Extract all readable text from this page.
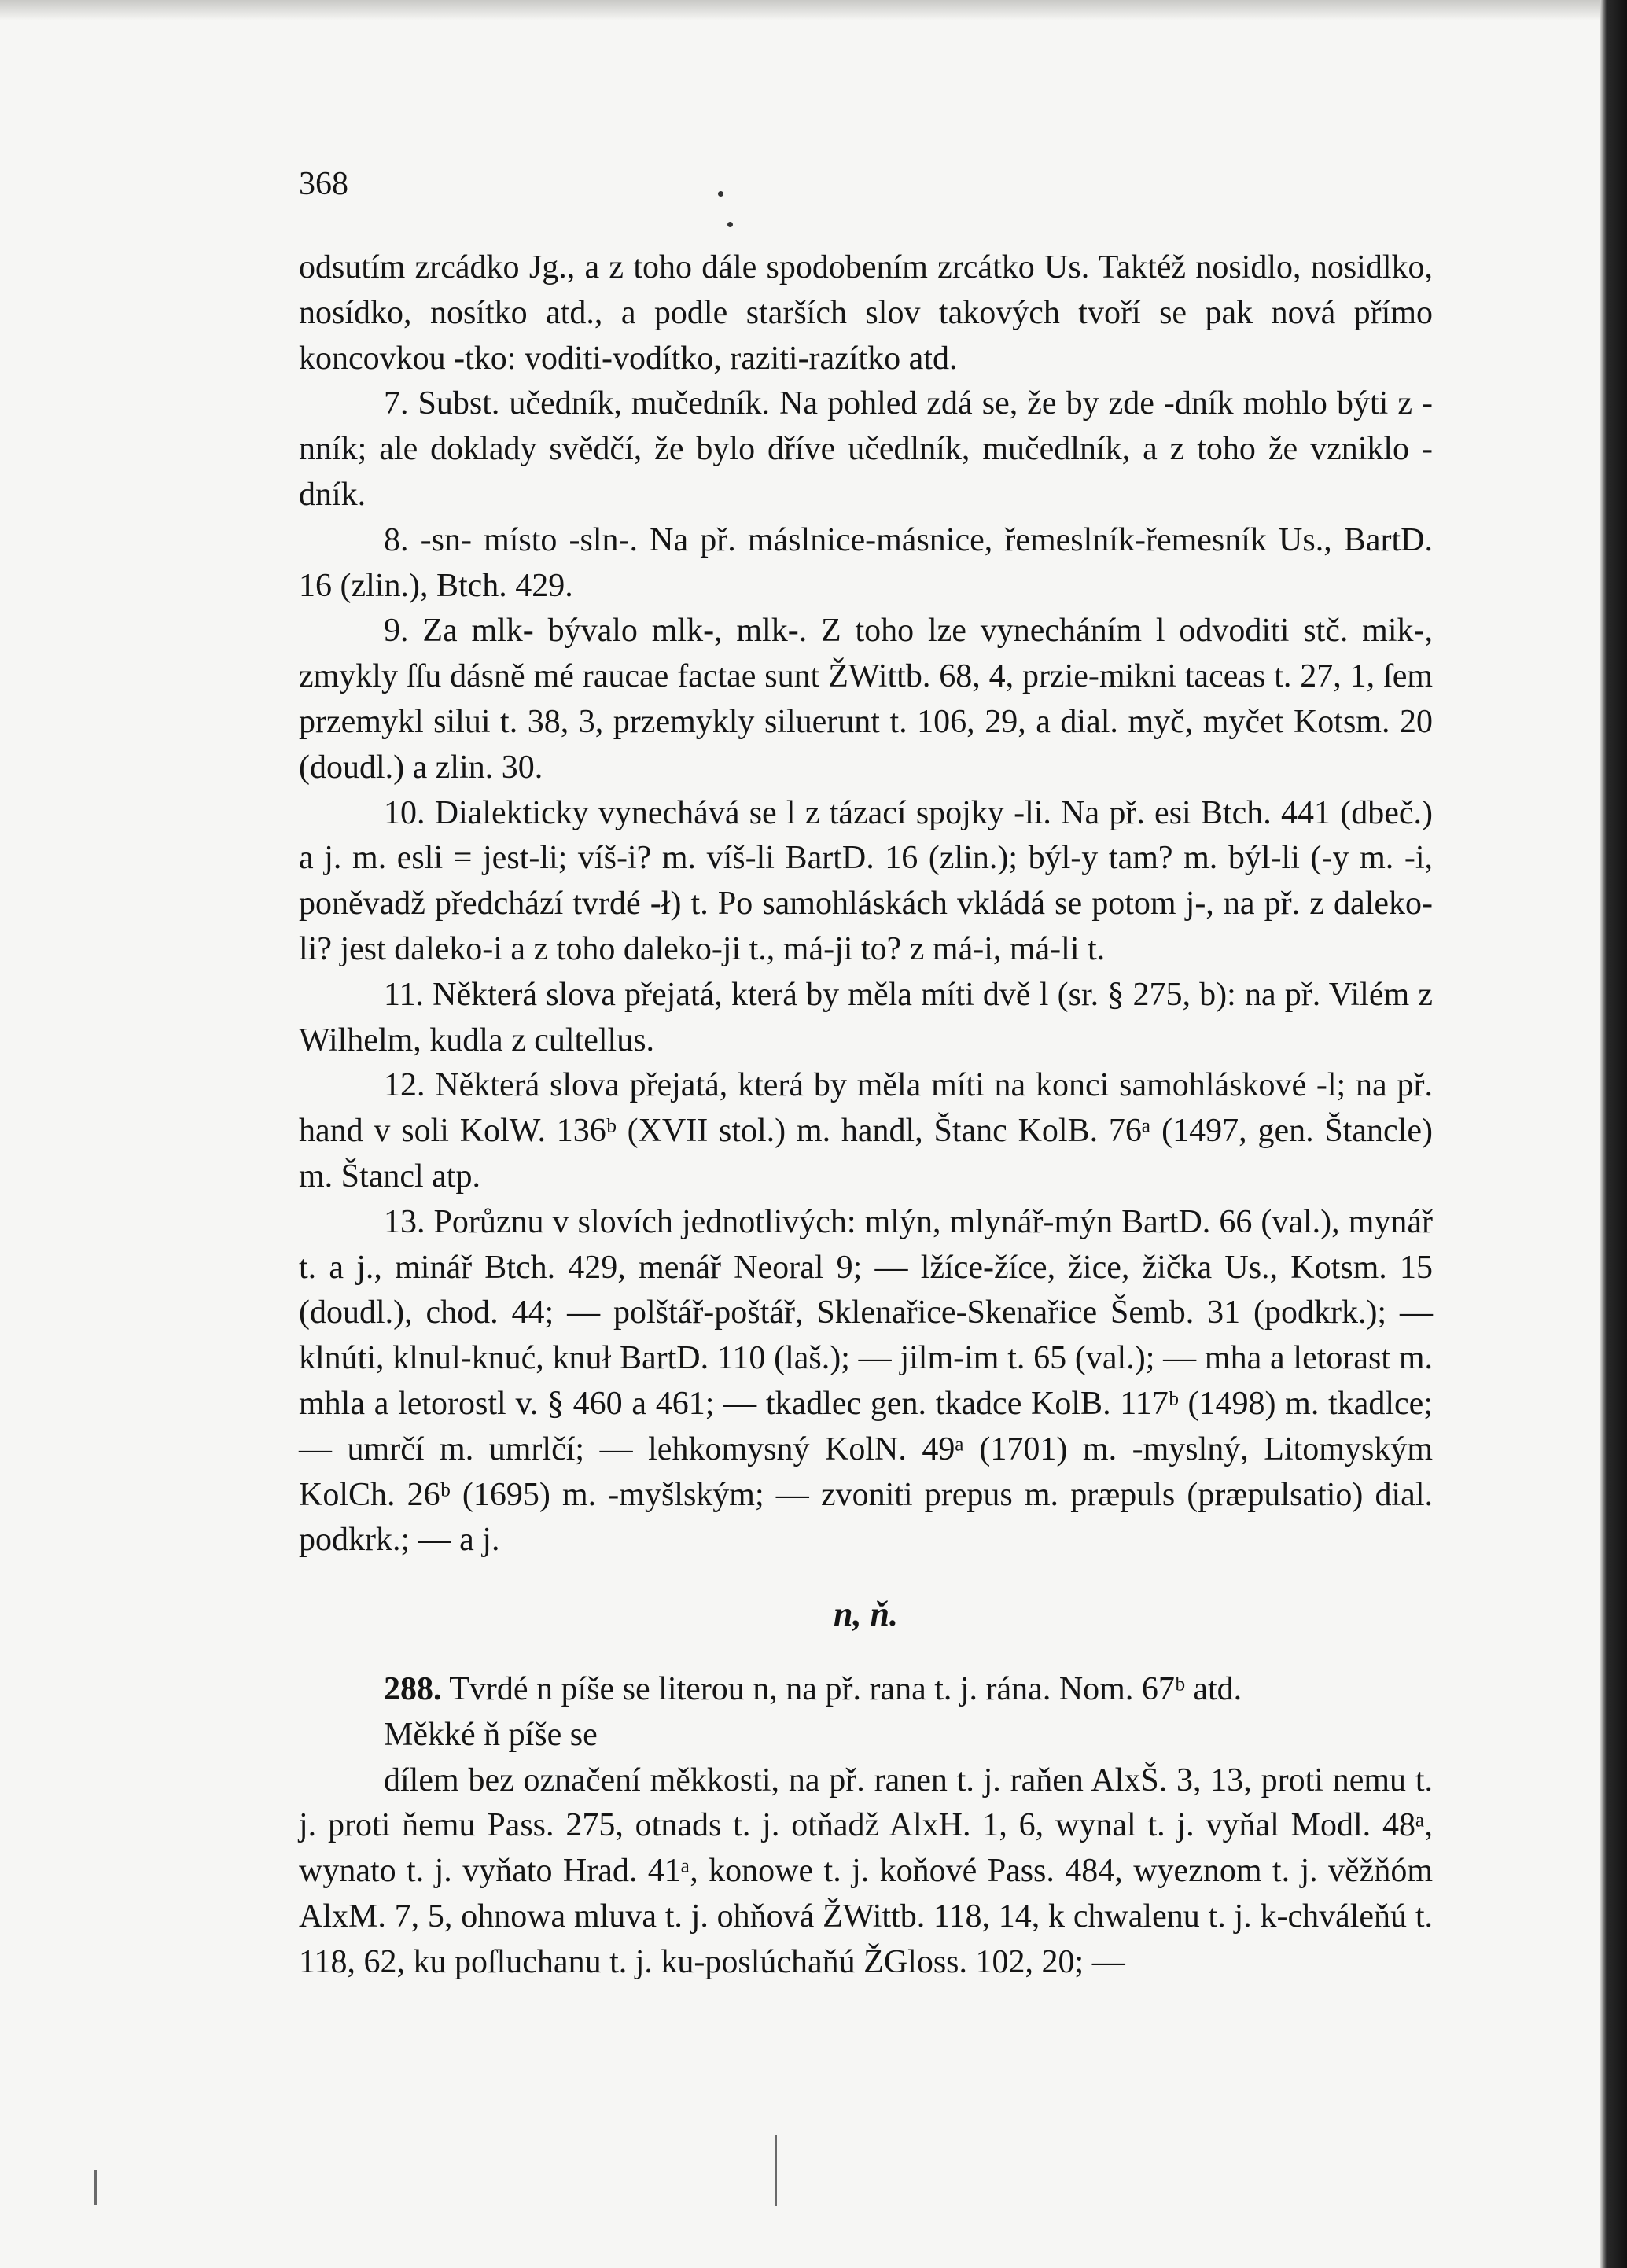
368

odsutím zrcádko Jg., a z toho dále spodobením zrcátko Us. Taktéž nosidlo, nosidlko, nosídko, nosítko atd., a podle starších slov takových tvoří se pak nová přímo koncovkou -tko: voditi-vodítko, raziti-razítko atd.

7. Subst. učedník, mučedník. Na pohled zdá se, že by zde -dník mohlo býti z -nník; ale doklady svědčí, že bylo dříve učedlník, mučedlník, a z toho že vzniklo -dník.

8. -sn- místo -sln-. Na př. máslnice-másnice, řemeslník-řemesník Us., BartD. 16 (zlin.), Btch. 429.

9. Za mlk- bývalo mlk-, mlk-. Z toho lze vynecháním l odvoditi stč. mik-, zmykly ſſu dásně mé raucae factae sunt ŽWittb. 68, 4, przie-mikni taceas t. 27, 1, ſem przemykl silui t. 38, 3, przemykly siluerunt t. 106, 29, a dial. myč, myčet Kotsm. 20 (doudl.) a zlin. 30.

10. Dialekticky vynechává se l z tázací spojky -li. Na př. esi Btch. 441 (dbeč.) a j. m. esli = jest-li; víš-i? m. víš-li BartD. 16 (zlin.); býl-y tam? m. býl-li (-y m. -i, poněvadž předchází tvrdé -ł) t. Po samohláskách vkládá se potom j-, na př. z daleko-li? jest daleko-i a z toho daleko-ji t., má-ji to? z má-i, má-li t.

11. Některá slova přejatá, která by měla míti dvě l (sr. § 275, b): na př. Vilém z Wilhelm, kudla z cultellus.

12. Některá slova přejatá, která by měla míti na konci samohláskové -l; na př. hand v soli KolW. 136ᵇ (XVII stol.) m. handl, Štanc KolB. 76ᵃ (1497, gen. Štancle) m. Štancl atp.

13. Porůznu v slovích jednotlivých: mlýn, mlynář-mýn BartD. 66 (val.), mynář t. a j., minář Btch. 429, menář Neoral 9; — lžíce-žíce, žice, žička Us., Kotsm. 15 (doudl.), chod. 44; — polštář-poštář, Sklenařice-Skenařice Šemb. 31 (podkrk.); — klnúti, klnul-knuć, knuł BartD. 110 (laš.); — jilm-im t. 65 (val.); — mha a letorast m. mhla a letorostl v. § 460 a 461; — tkadlec gen. tkadce KolB. 117ᵇ (1498) m. tkadlce; — umrčí m. umrlčí; — lehkomysný KolN. 49ᵃ (1701) m. -myslný, Litomyským KolCh. 26ᵇ (1695) m. -myšlským; — zvoniti prepus m. præpuls (præpulsatio) dial. podkrk.; — a j.

n, ň.

288. Tvrdé n píše se literou n, na př. rana t. j. rána. Nom. 67ᵇ atd.

Měkké ň píše se

dílem bez označení měkkosti, na př. ranen t. j. raňen AlxŠ. 3, 13, proti nemu t. j. proti ňemu Pass. 275, otnads t. j. otňadž AlxH. 1, 6, wynal t. j. vyňal Modl. 48ᵃ, wynato t. j. vyňato Hrad. 41ᵃ, konowe t. j. koňové Pass. 484, wyeznom t. j. věžňóm AlxM. 7, 5, ohnowa mluva t. j. ohňová ŽWittb. 118, 14, k chwalenu t. j. k-chváleňú t. 118, 62, ku poſluchanu t. j. ku-poslúchaňú ŽGloss. 102, 20; —
